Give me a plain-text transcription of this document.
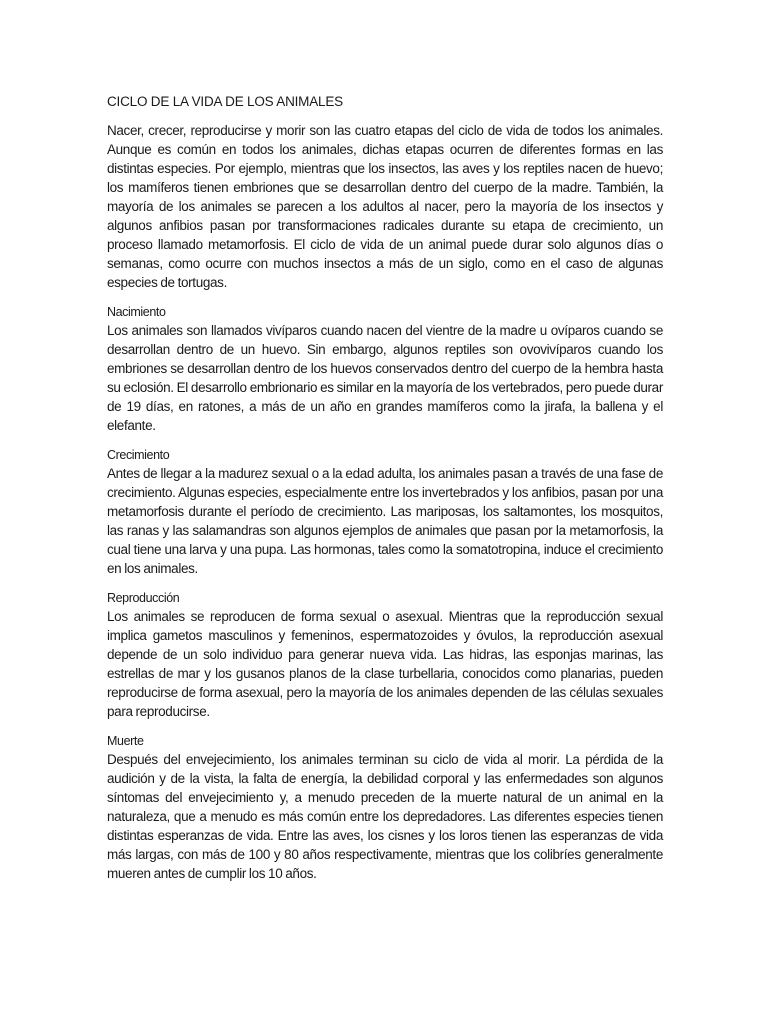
CICLO DE LA VIDA DE LOS ANIMALES

Nacer, crecer, reproducirse y morir son las cuatro etapas del ciclo de vida de todos los animales. Aunque es común en todos los animales, dichas etapas ocurren de diferentes formas en las distintas especies. Por ejemplo, mientras que los insectos, las aves y los reptiles nacen de huevo; los mamíferos tienen embriones que se desarrollan dentro del cuerpo de la madre. También, la mayoría de los animales se parecen a los adultos al nacer, pero la mayoría de los insectos y algunos anfibios pasan por transformaciones radicales durante su etapa de crecimiento, un proceso llamado metamorfosis. El ciclo de vida de un animal puede durar solo algunos días o semanas, como ocurre con muchos insectos a más de un siglo, como en el caso de algunas especies de tortugas.

Nacimiento

Los animales son llamados vivíparos cuando nacen del vientre de la madre u ovíparos cuando se desarrollan dentro de un huevo. Sin embargo, algunos reptiles son ovovivíparos cuando los embriones se desarrollan dentro de los huevos conservados dentro del cuerpo de la hembra hasta su eclosión. El desarrollo embrionario es similar en la mayoría de los vertebrados, pero puede durar de 19 días, en ratones, a más de un año en grandes mamíferos como la jirafa, la ballena y el elefante.

Crecimiento

Antes de llegar a la madurez sexual o a la edad adulta, los animales pasan a través de una fase de crecimiento. Algunas especies, especialmente entre los invertebrados y los anfibios, pasan por una metamorfosis durante el período de crecimiento. Las mariposas, los saltamontes, los mosquitos, las ranas y las salamandras son algunos ejemplos de animales que pasan por la metamorfosis, la cual tiene una larva y una pupa. Las hormonas, tales como la somatotropina, induce el crecimiento en los animales.

Reproducción

Los animales se reproducen de forma sexual o asexual. Mientras que la reproducción sexual implica gametos masculinos y femeninos, espermatozoides y óvulos, la reproducción asexual depende de un solo individuo para generar nueva vida. Las hidras, las esponjas marinas, las estrellas de mar y los gusanos planos de la clase turbellaria, conocidos como planarias, pueden reproducirse de forma asexual, pero la mayoría de los animales dependen de las células sexuales para reproducirse.

Muerte

Después del envejecimiento, los animales terminan su ciclo de vida al morir. La pérdida de la audición y de la vista, la falta de energía, la debilidad corporal y las enfermedades son algunos síntomas del envejecimiento y, a menudo preceden de la muerte natural de un animal en la naturaleza, que a menudo es más común entre los depredadores. Las diferentes especies tienen distintas esperanzas de vida. Entre las aves, los cisnes y los loros tienen las esperanzas de vida más largas, con más de 100 y 80 años respectivamente, mientras que los colibríes generalmente mueren antes de cumplir los 10 años.
